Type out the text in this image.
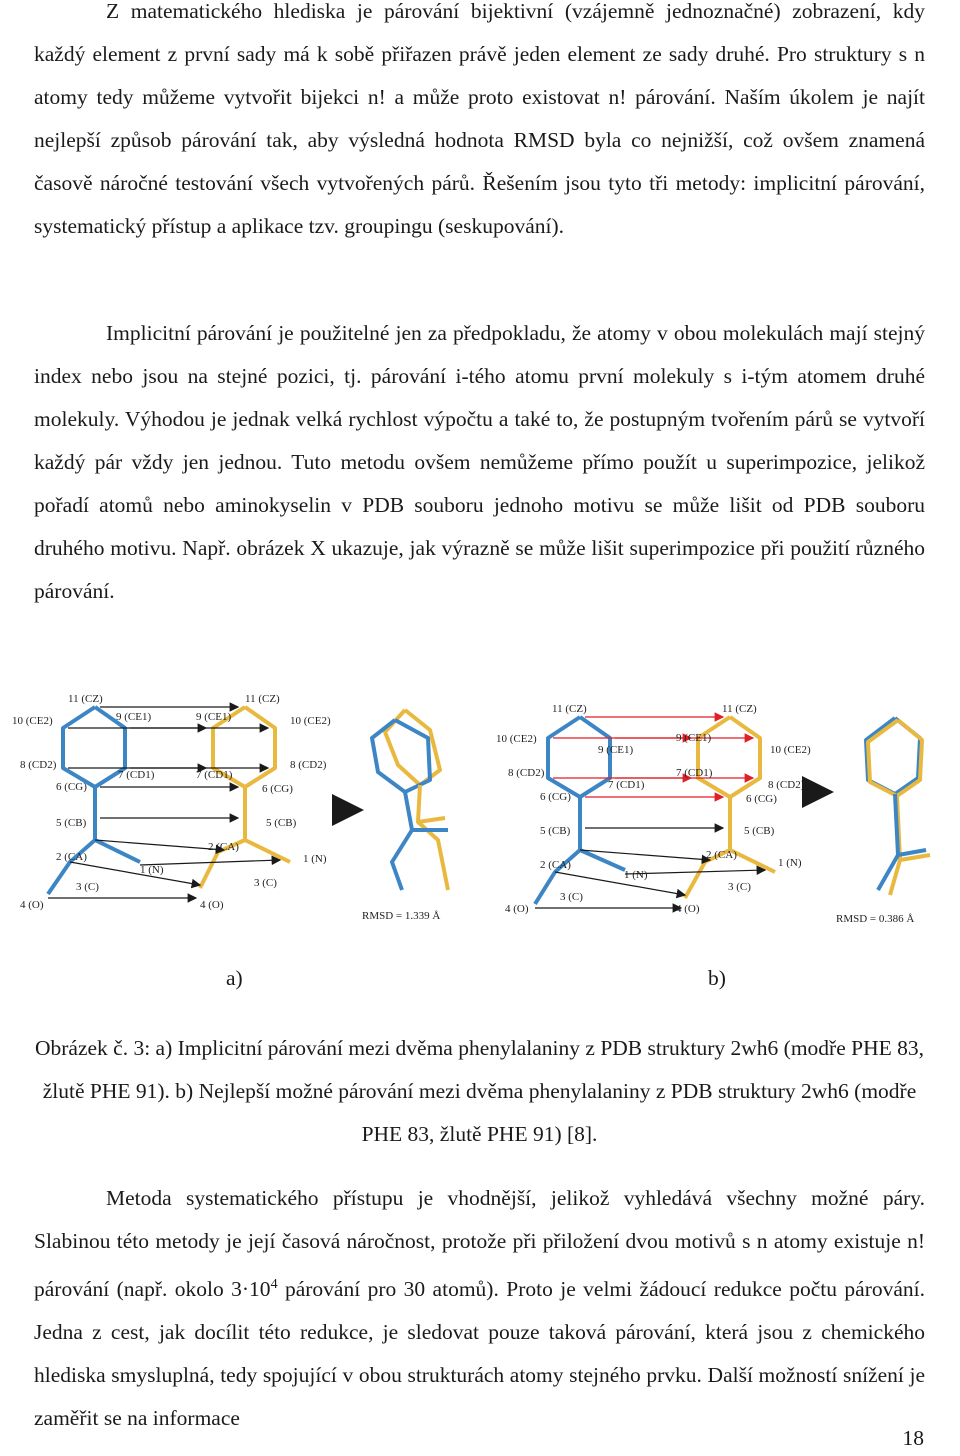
Z matematického hlediska je párování bijektivní (vzájemně jednoznačné) zobrazení, kdy každý element z první sady má k sobě přiřazen právě jeden element ze sady druhé. Pro struktury s n atomy tedy můžeme vytvořit bijekci n! a může proto existovat n! párování. Naším úkolem je najít nejlepší způsob párování tak, aby výsledná hodnota RMSD byla co nejnižší, což ovšem znamená časově náročné testování všech vytvořených párů. Řešením jsou tyto tři metody: implicitní párování, systematický přístup a aplikace tzv. groupingu (seskupování).

Implicitní párování je použitelné jen za předpokladu, že atomy v obou molekulách mají stejný index nebo jsou na stejné pozici, tj. párování i-tého atomu první molekuly s i-tým atomem druhé molekuly. Výhodou je jednak velká rychlost výpočtu a také to, že postupným tvořením párů se vytvoří každý pár vždy jen jednou. Tuto metodu ovšem nemůžeme přímo použít u superimpozice, jelikož pořadí atomů nebo aminokyselin v PDB souboru jednoho motivu se může lišit od PDB souboru druhého motivu. Např. obrázek X ukazuje, jak výrazně se může lišit superimpozice při použití různého párování.

11 (CZ)
10 (CE2)	9 (CE1)
8 (CD2)
7 (CD1)
6 (CG)
5 (CB)
2 (CA)
1 (N)
3 (C)
4 (O)
11 (CZ)
9 (CE1)	10 (CE2)
7 (CD1)
8 (CD2)
6 (CG)
5 (CB)
2 (CA)
1 (N)
3 (C)
4 (O)
RMSD = 1.339 Å
11 (CZ)
10 (CE2)
9 (CE1)
8 (CD2)
7 (CD1)
6 (CG)
5 (CB)
2 (CA)
1 (N)
3 (C)
4 (O)
11 (CZ)
9 (CE1)
10 (CE2)
7 (CD1)
8 (CD2)
6 (CG)
5 (CB)
2 (CA)
1 (N)
3 (C)
4 (O)
RMSD = 0.386 Å
a)	b)

Obrázek č. 3: a) Implicitní párování mezi dvěma phenylalaniny z PDB struktury 2wh6 (modře PHE 83, žlutě PHE 91). b) Nejlepší možné párování mezi dvěma phenylalaniny z PDB struktury 2wh6 (modře PHE 83, žlutě PHE 91) [8].

Metoda systematického přístupu je vhodnější, jelikož vyhledává všechny možné páry. Slabinou této metody je její časová náročnost, protože při přiložení dvou motivů s n atomy existuje n! párování (např. okolo $3\cdot 10^4$ párování pro 30 atomů). Proto je velmi žádoucí redukce počtu párování. Jedna z cest, jak docílit této redukce, je sledovat pouze taková párování, která jsou z chemického hlediska smysluplná, tedy spojující v obou strukturách atomy stejného prvku. Další možností snížení je zaměřit se na informace

18
